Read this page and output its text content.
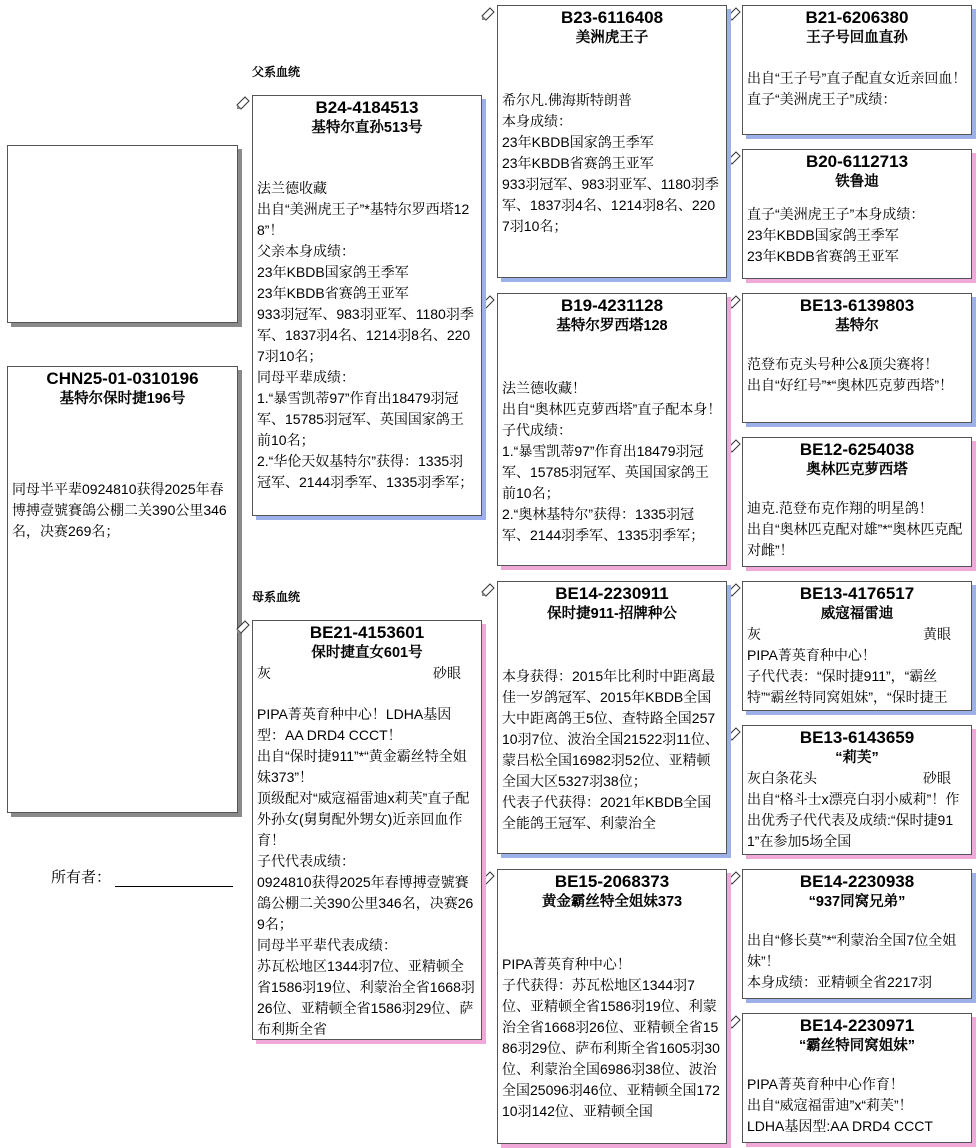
CHN25-01-0310196
基特尔保时捷196号
同母半平辈0924810获得2025年春博搏壹號賽鴿公棚二关390公里346名，决赛269名；
所有者：
父系血统
母系血统
B24-4184513
基特尔直孙513号
法兰德收藏
出自“美洲虎王子”*基特尔罗西塔128”！
父亲本身成绩：
23年KBDB国家鸽王季军
23年KBDB省赛鸽王亚军
933羽冠军、983羽亚军、1180羽季军、1837羽4名、1214羽8名、2207羽10名；
同母平辈成绩：
1.“暴雪凯蒂97”作育出18479羽冠军、15785羽冠军、英国国家鸽王前10名；
2.“华伦天奴基特尔”获得：1335羽冠军、2144羽季军、1335羽季军；
BE21-4153601
保时捷直女601号
灰	砂眼
PIPA菁英育种中心！LDHA基因型：AA DRD4 CCCT！
出自“保时捷911”*“黄金霸丝特全姐妹373”！
顶级配对“威寇福雷迪x莉芙”直子配外孙女(舅舅配外甥女)近亲回血作育！
子代代表成绩：
0924810获得2025年春博搏壹號賽鴿公棚二关390公里346名，决赛269名；
同母半平辈代表成绩：
苏瓦松地区1344羽7位、亚精顿全省1586羽19位、利蒙治全省1668羽26位、亚精顿全省1586羽29位、萨布利斯全省
B23-6116408
美洲虎王子
希尔凡.佛海斯特朗普
本身成绩：
23年KBDB国家鸽王季军
23年KBDB省赛鸽王亚军
933羽冠军、983羽亚军、1180羽季军、1837羽4名、1214羽8名、2207羽10名；
B19-4231128
基特尔罗西塔128
法兰德收藏！
出自“奥林匹克萝西塔”直子配本身！
子代成绩：
1.“暴雪凯蒂97”作育出18479羽冠军、15785羽冠军、英国国家鸽王前10名；
2.“奥林基特尔”获得：1335羽冠军、2144羽季军、1335羽季军；
BE14-2230911
保时捷911-招牌种公
本身获得：2015年比利时中距离最佳一岁鸽冠军、2015年KBDB全国大中距离鸽王5位、查特路全国25710羽7位、波治全国21522羽11位、蒙吕松全国16982羽52位、亚精顿全国大区5327羽38位；
代表子代获得：2021年KBDB全国全能鸽王冠军、利蒙治全
BE15-2068373
黄金霸丝特全姐妹373
PIPA菁英育种中心！
子代获得：苏瓦松地区1344羽7位、亚精顿全省1586羽19位、利蒙治全省1668羽26位、亚精顿全省1586羽29位、萨布利斯全省1605羽30位、利蒙治全国6986羽38位、波治全国25096羽46位、亚精顿全国17210羽142位、亚精顿全国
B21-6206380
王子号回血直孙
出自“王子号”直子配直女近亲回血！
直子“美洲虎王子”成绩：
B20-6112713
铁鲁迪
直子“美洲虎王子”本身成绩：
23年KBDB国家鸽王季军
23年KBDB省赛鸽王亚军
BE13-6139803
基特尔
范登布克头号种公&顶尖赛将！
出自“好红号”*“奥林匹克萝西塔”！
BE12-6254038
奥林匹克萝西塔
迪克.范登布克作翔的明星鸽！
出自“奥林匹克配对雄”*“奥林匹克配对雌”！
BE13-4176517
威寇福雷迪
灰	黄眼
PIPA菁英育种中心！
子代代表：“保时捷911”，“霸丝特”“霸丝特同窝姐妹”，“保时捷王
BE13-6143659
“莉芙”
灰白条花头	砂眼
出自“格斗士x漂亮白羽小威莉”！作出优秀子代代表及成绩:“保时捷911”在参加5场全国
BE14-2230938
“937同窝兄弟”
出自“修长莫”*“利蒙治全国7位全姐妹”！
本身成绩：亚精顿全省2217羽
BE14-2230971
“霸丝特同窝姐妹”
PIPA菁英育种中心作育！
出自“威寇福雷迪”x“莉芙”！
LDHA基因型:AA DRD4 CCCT
